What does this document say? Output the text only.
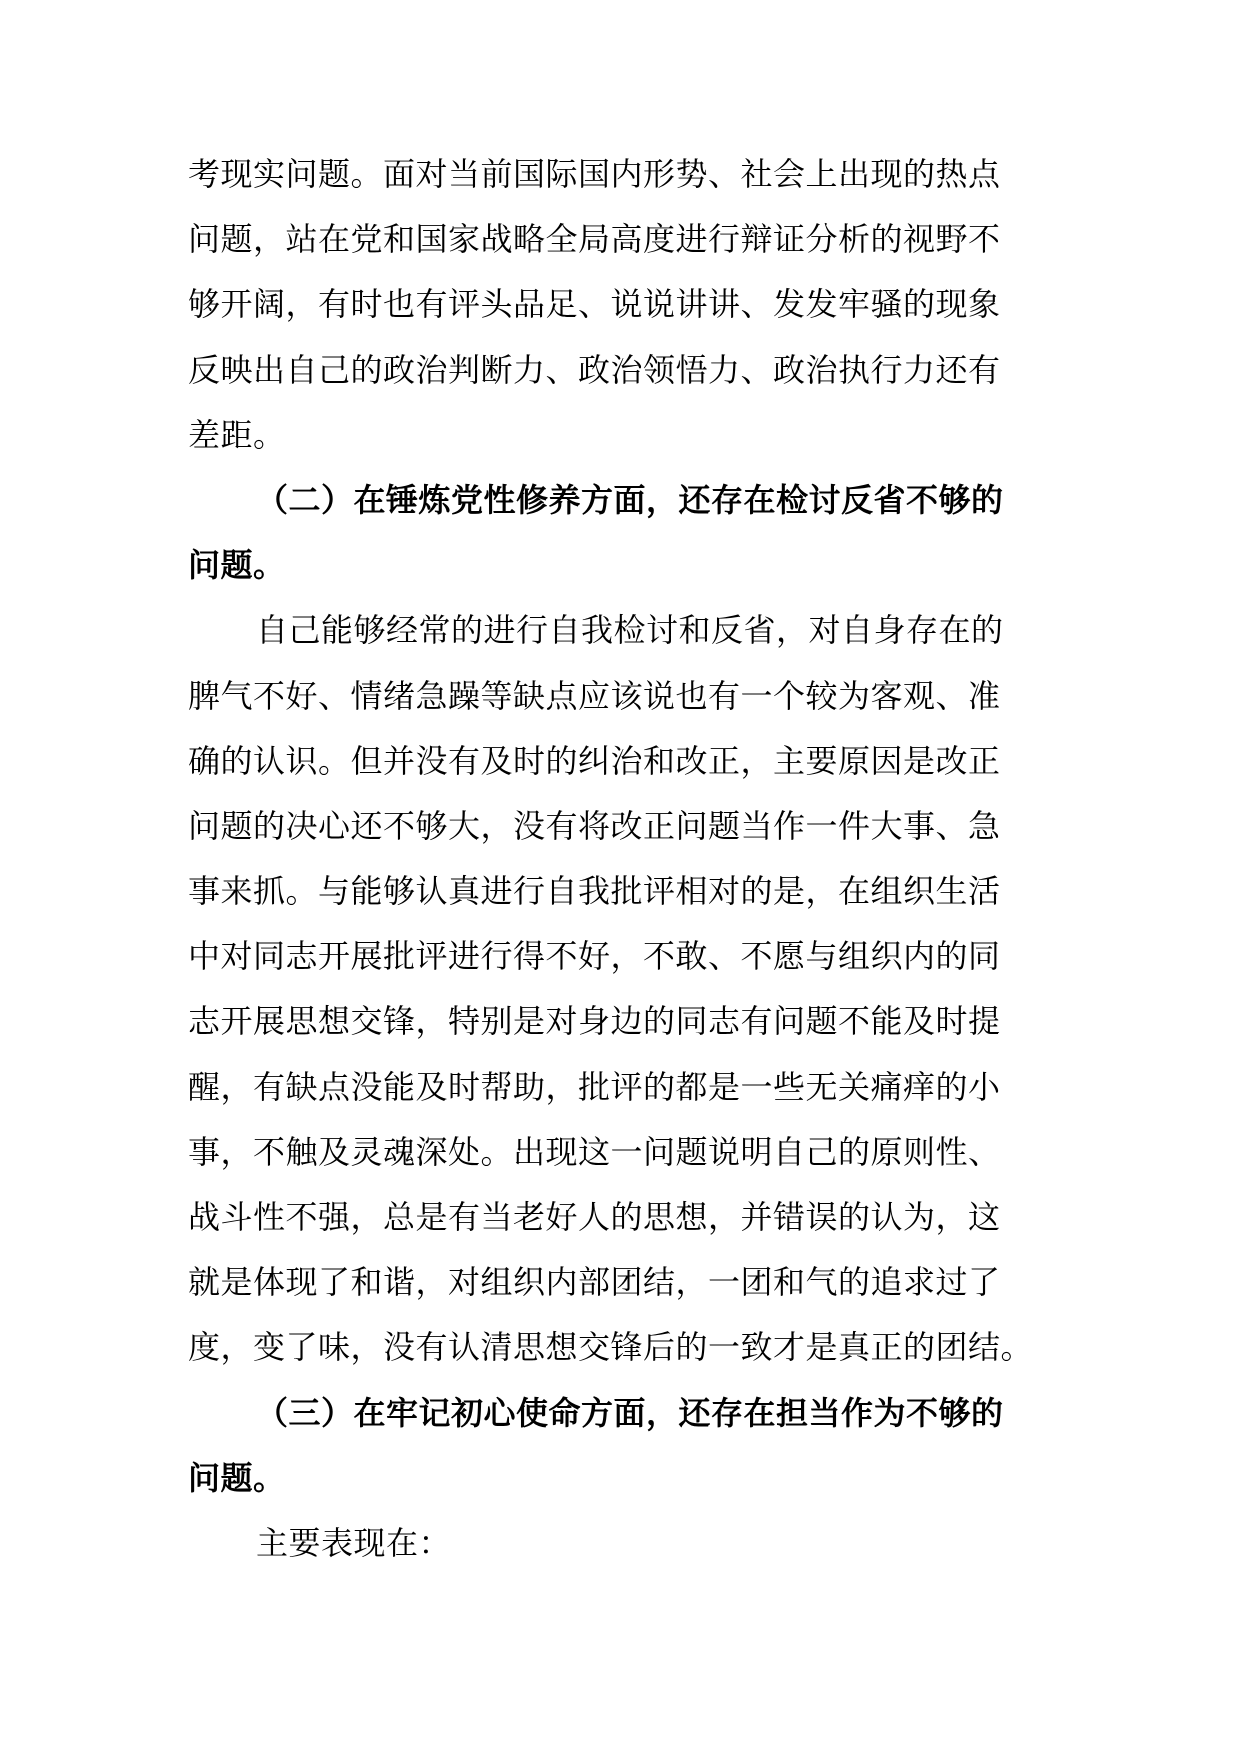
考现实问题。面对当前国际国内形势、社会上出现的热点
问题，站在党和国家战略全局高度进行辩证分析的视野不
够开阔，有时也有评头品足、说说讲讲、发发牢骚的现象
反映出自己的政治判断力、政治领悟力、政治执行力还有
差距。
（二）在锤炼党性修养方面，还存在检讨反省不够的
问题。
自己能够经常的进行自我检讨和反省，对自身存在的
脾气不好、情绪急躁等缺点应该说也有一个较为客观、准
确的认识。但并没有及时的纠治和改正，主要原因是改正
问题的决心还不够大，没有将改正问题当作一件大事、急
事来抓。与能够认真进行自我批评相对的是，在组织生活
中对同志开展批评进行得不好，不敢、不愿与组织内的同
志开展思想交锋，特别是对身边的同志有问题不能及时提
醒，有缺点没能及时帮助，批评的都是一些无关痛痒的小
事，不触及灵魂深处。出现这一问题说明自己的原则性、
战斗性不强，总是有当老好人的思想，并错误的认为，这
就是体现了和谐，对组织内部团结，一团和气的追求过了
度，变了味，没有认清思想交锋后的一致才是真正的团结。
（三）在牢记初心使命方面，还存在担当作为不够的
问题。
主要表现在：
